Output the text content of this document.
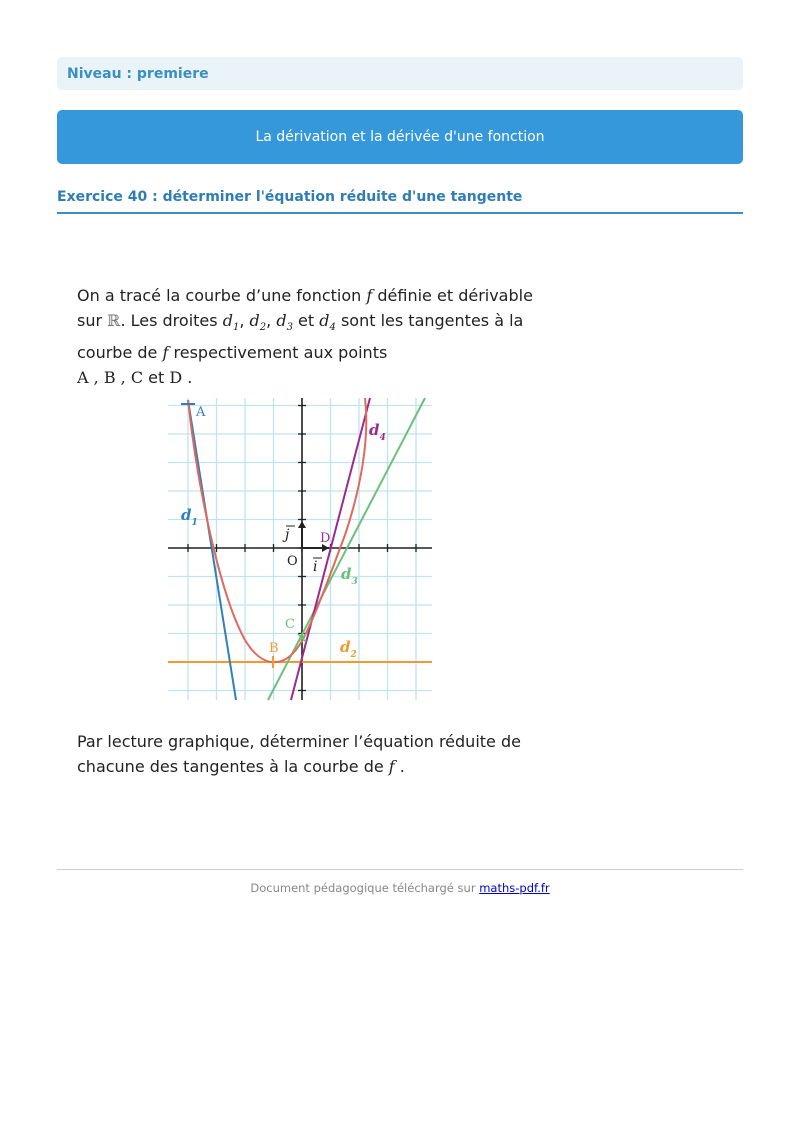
Niveau : premiere
La dérivation et la dérivée d'une fonction
Exercice 40 : déterminer l'équation réduite d'une tangente
On a tracé la courbe d’une fonction f définie et dérivable sur ℝ. Les droites $d_1$, $d_2$, $d_3$ et $d_4$ sont les tangentes à la courbe de f respectivement aux points
A , B , C et D .
A
B
C
D
O i
j
$d_1$
$d_2$
$d_3$
$d_4$
Par lecture graphique, déterminer l’équation réduite de chacune des tangentes à la courbe de f .
Document pédagogique téléchargé sur maths-pdf.fr
